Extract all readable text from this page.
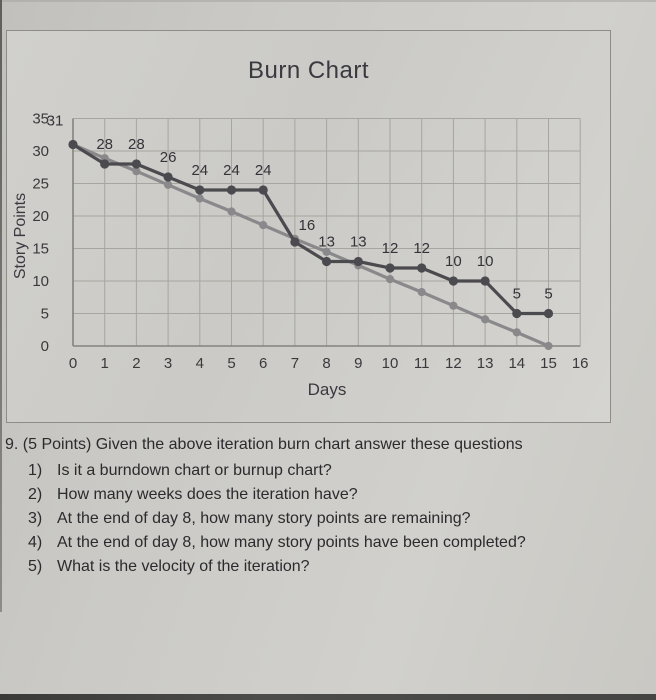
0 1 2 3 4 5 6 7 8 9 10 11 12 13 14 15 16
0
5
10
15
20
25
30
35
31
28 28
26
24 24 24
16
13 13 12 12
10 10
5 5
Burn Chart
Days
Story Points
9. (5 Points) Given the above iteration burn chart answer these questions
1) Is it a burndown chart or burnup chart?
2) How many weeks does the iteration have?
3) At the end of day 8, how many story points are remaining?
4) At the end of day 8, how many story points have been completed?
5) What is the velocity of the iteration?
